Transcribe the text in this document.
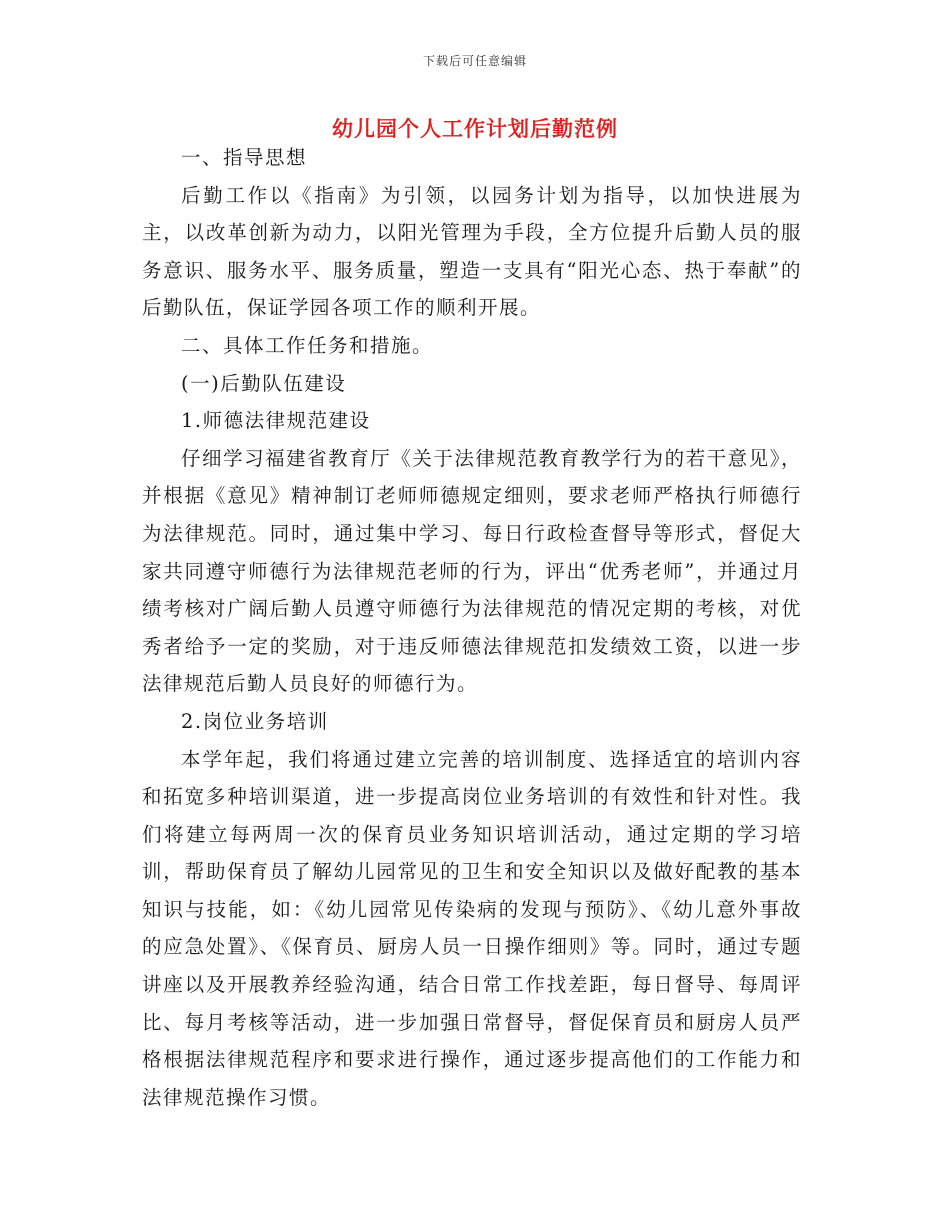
下载后可任意编辑
幼儿园个人工作计划后勤范例

一、指导思想

后勤工作以《指南》为引领，以园务计划为指导，以加快进展为主，以改革创新为动力，以阳光管理为手段，全方位提升后勤人员的服务意识、服务水平、服务质量，塑造一支具有“阳光心态、热于奉献”的后勤队伍，保证学园各项工作的顺利开展。

二、具体工作任务和措施。

(一)后勤队伍建设

1.师德法律规范建设

仔细学习福建省教育厅《关于法律规范教育教学行为的若干意见》，并根据《意见》精神制订老师师德规定细则，要求老师严格执行师德行为法律规范。同时，通过集中学习、每日行政检查督导等形式，督促大家共同遵守师德行为法律规范老师的行为，评出“优秀老师”，并通过月绩考核对广阔后勤人员遵守师德行为法律规范的情况定期的考核，对优秀者给予一定的奖励，对于违反师德法律规范扣发绩效工资，以进一步法律规范后勤人员良好的师德行为。

2.岗位业务培训

本学年起，我们将通过建立完善的培训制度、选择适宜的培训内容和拓宽多种培训渠道，进一步提高岗位业务培训的有效性和针对性。我们将建立每两周一次的保育员业务知识培训活动，通过定期的学习培训，帮助保育员了解幼儿园常见的卫生和安全知识以及做好配教的基本知识与技能，如：《幼儿园常见传染病的发现与预防》、《幼儿意外事故的应急处置》、《保育员、厨房人员一日操作细则》等。同时，通过专题讲座以及开展教养经验沟通，结合日常工作找差距，每日督导、每周评比、每月考核等活动，进一步加强日常督导，督促保育员和厨房人员严格根据法律规范程序和要求进行操作，通过逐步提高他们的工作能力和法律规范操作习惯。
